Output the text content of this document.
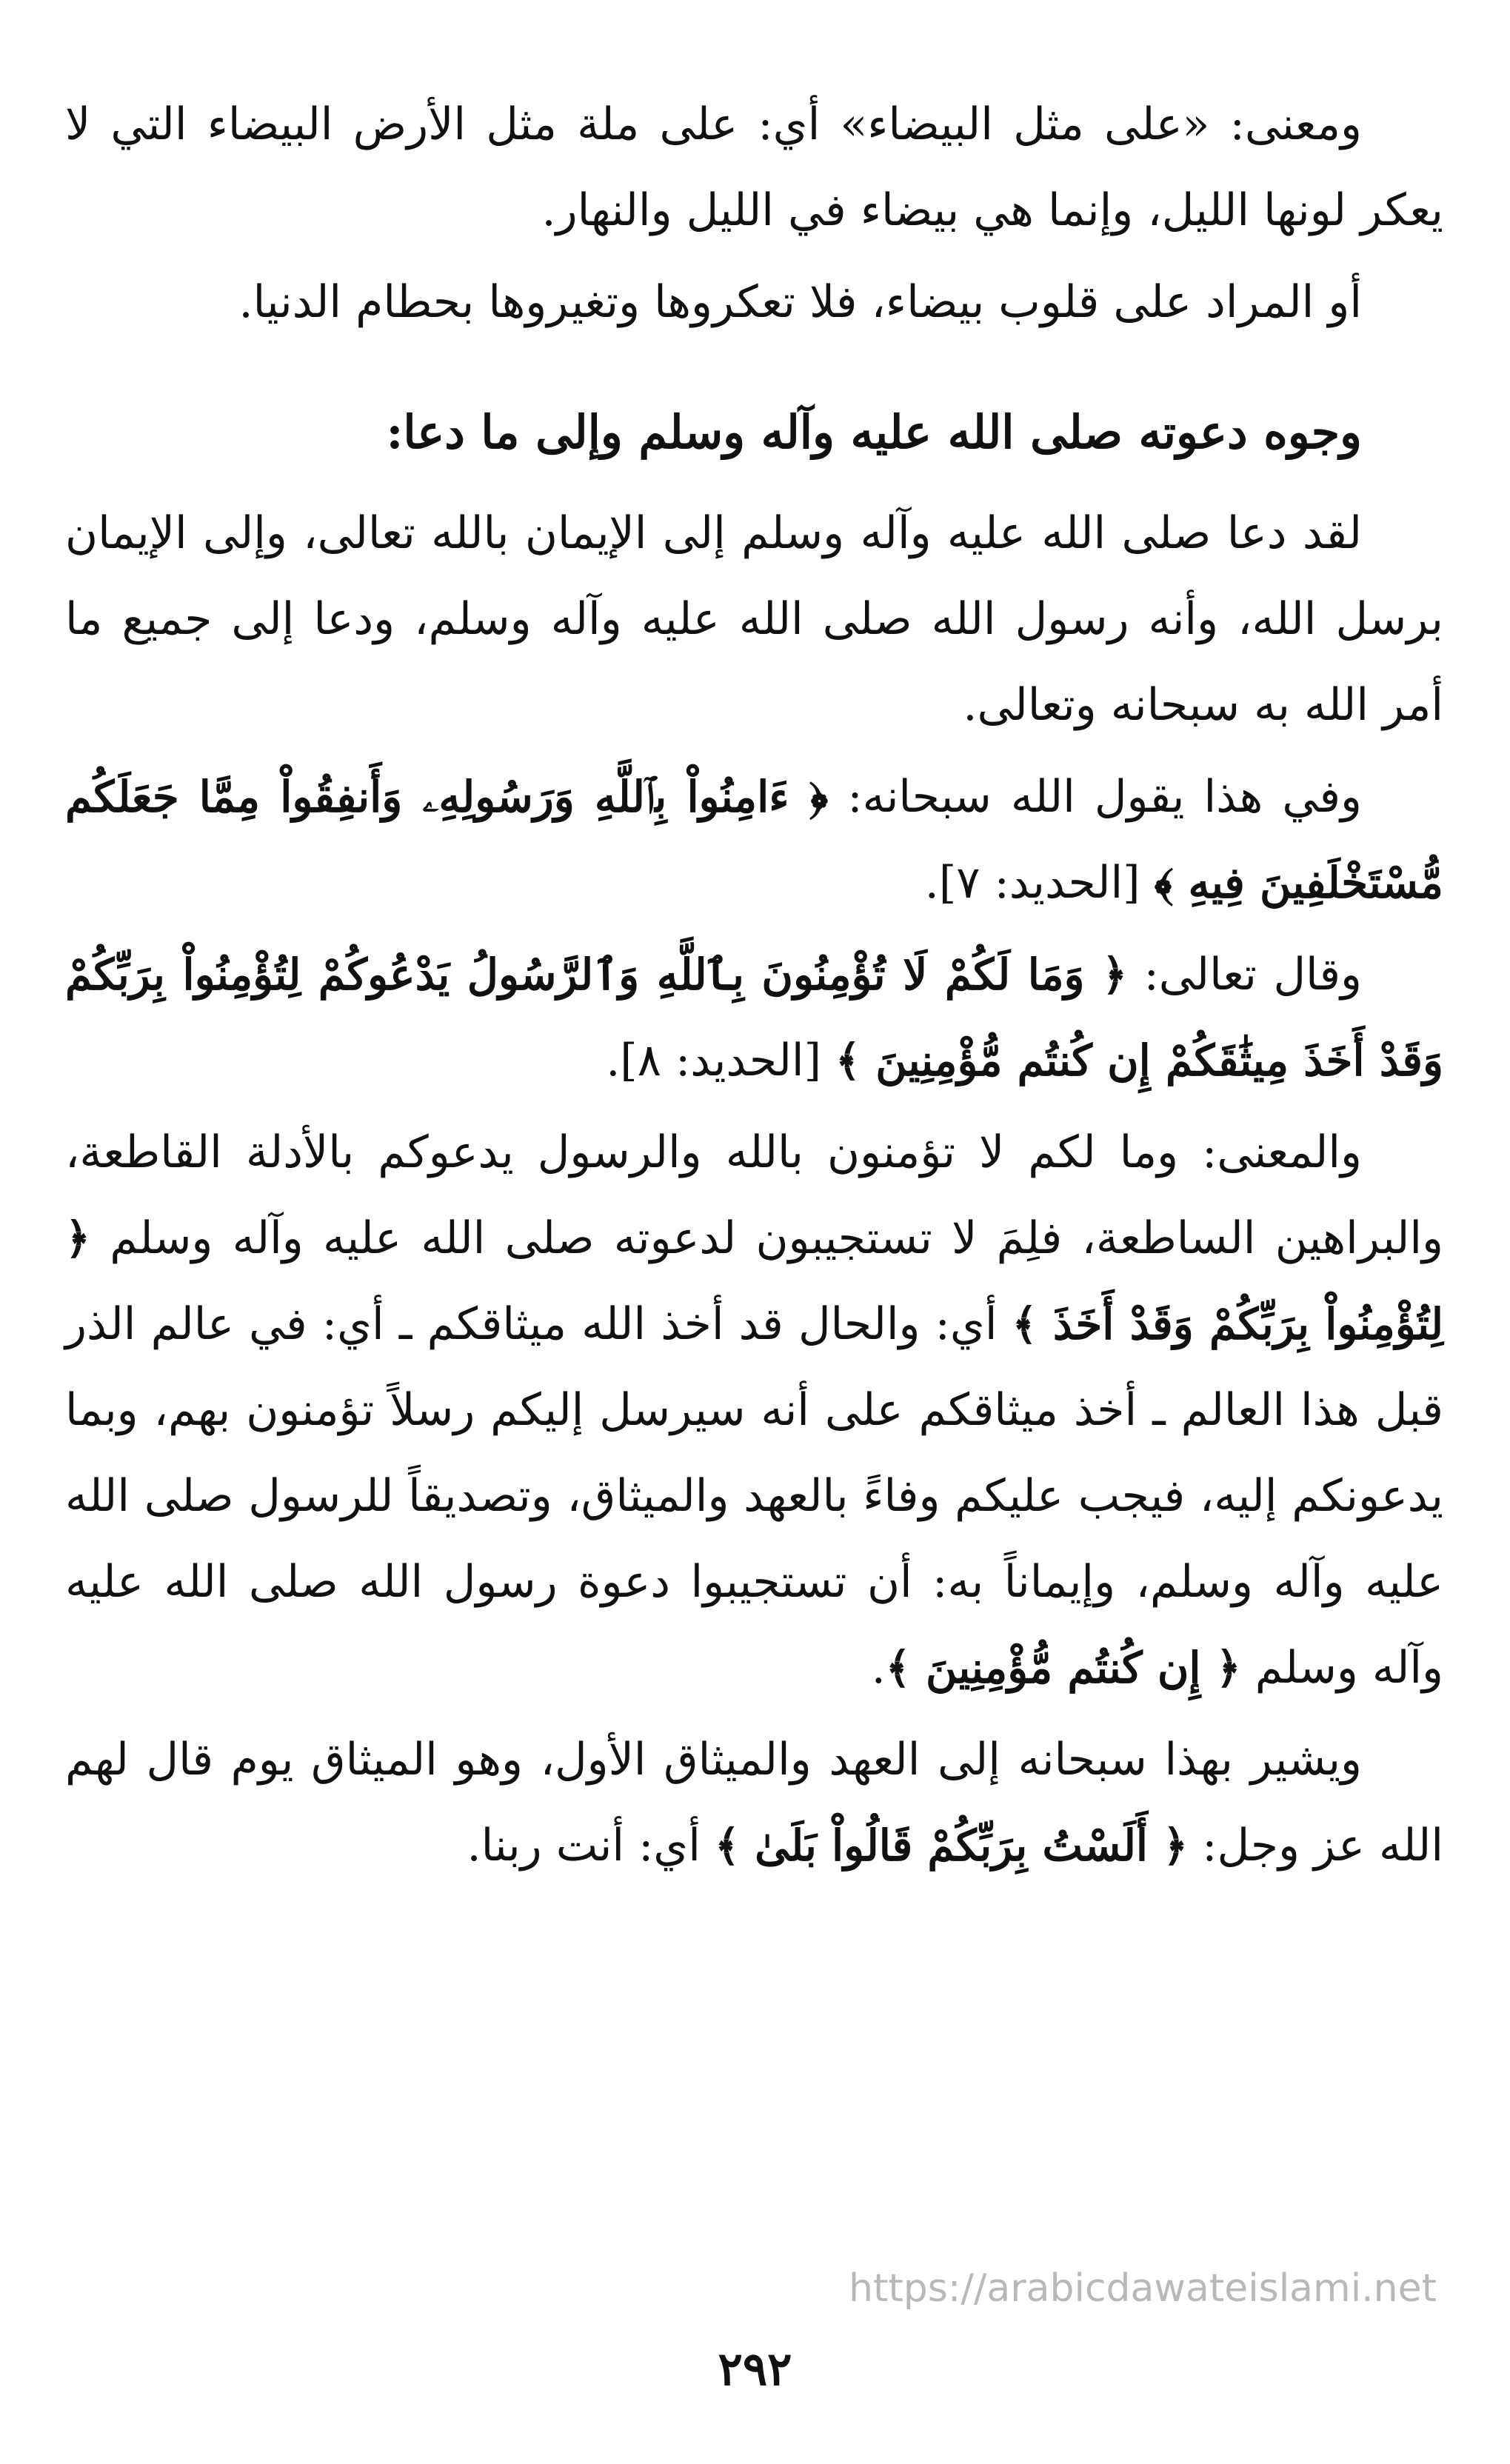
ومعنى: «على مثل البيضاء» أي: على ملة مثل الأرض البيضاء التي لا يعكر لونها الليل، وإنما هي بيضاء في الليل والنهار.

أو المراد على قلوب بيضاء، فلا تعكروها وتغيروها بحطام الدنيا.

وجوه دعوته صلى الله عليه وآله وسلم وإلى ما دعا:

لقد دعا صلى الله عليه وآله وسلم إلى الإيمان بالله تعالى، وإلى الإيمان برسل الله، وأنه رسول الله صلى الله عليه وآله وسلم، ودعا إلى جميع ما أمر الله به سبحانه وتعالى.

وفي هذا يقول الله سبحانه: ﴿ ءَامِنُواْ بِٱللَّهِ وَرَسُولِهِۦ وَأَنفِقُواْ مِمَّا جَعَلَكُم مُّسْتَخْلَفِينَ فِيهِ ﴾ [الحديد: ٧].

وقال تعالى: ﴿ وَمَا لَكُمْ لَا تُؤْمِنُونَ بِٱللَّهِ وَٱلرَّسُولُ يَدْعُوكُمْ لِتُؤْمِنُواْ بِرَبِّكُمْ وَقَدْ أَخَذَ مِيثَٰقَكُمْ إِن كُنتُم مُّؤْمِنِينَ ﴾ [الحديد: ٨].

والمعنى: وما لكم لا تؤمنون بالله والرسول يدعوكم بالأدلة القاطعة، والبراهين الساطعة، فلِمَ لا تستجيبون لدعوته صلى الله عليه وآله وسلم ﴿ لِتُؤْمِنُواْ بِرَبِّكُمْ وَقَدْ أَخَذَ ﴾ أي: والحال قد أخذ الله ميثاقكم ـ أي: في عالم الذر قبل هذا العالم ـ أخذ ميثاقكم على أنه سيرسل إليكم رسلاً تؤمنون بهم، وبما يدعونكم إليه، فيجب عليكم وفاءً بالعهد والميثاق، وتصديقاً للرسول صلى الله عليه وآله وسلم، وإيماناً به: أن تستجيبوا دعوة رسول الله صلى الله عليه وآله وسلم ﴿ إِن كُنتُم مُّؤْمِنِينَ ﴾.

ويشير بهذا سبحانه إلى العهد والميثاق الأول، وهو الميثاق يوم قال لهم الله عز وجل: ﴿ أَلَسْتُ بِرَبِّكُمْ قَالُواْ بَلَىٰ ﴾ أي: أنت ربنا.

https://arabicdawateislami.net
٢٩٢
